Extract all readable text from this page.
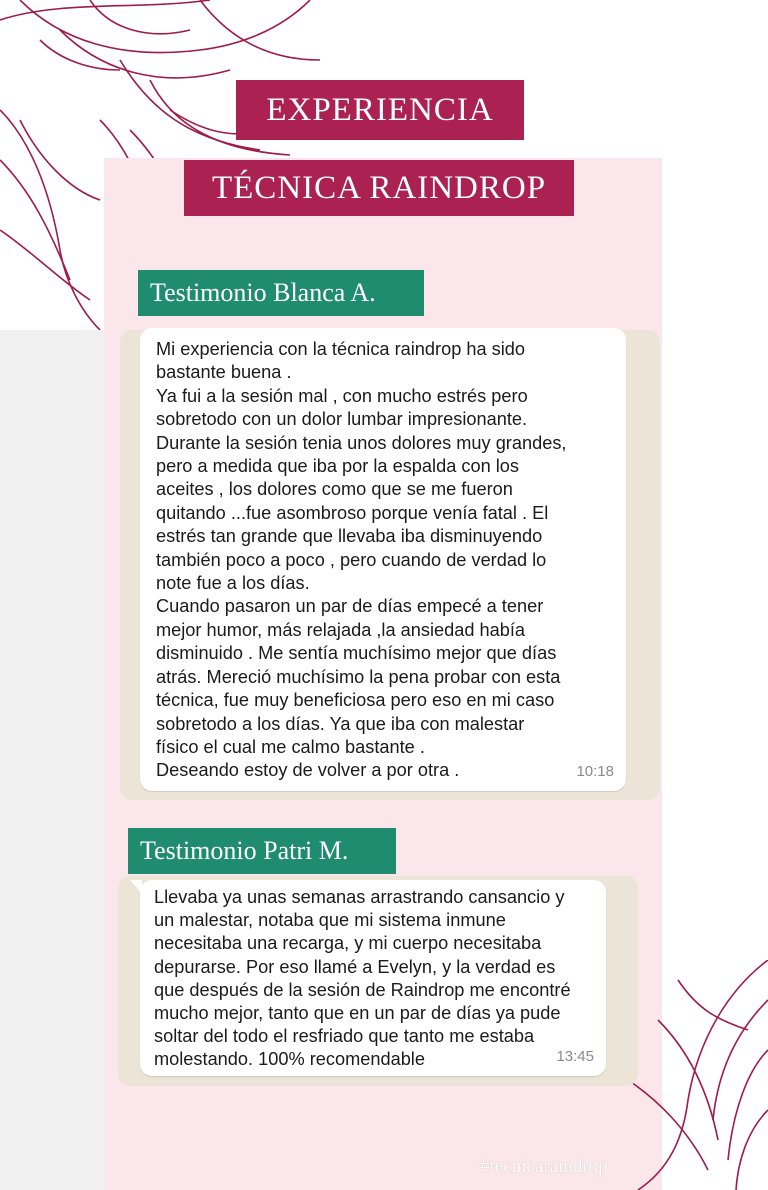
EXPERIENCIA
TÉCNICA RAINDROP
Testimonio Blanca A.

Mi experiencia con la técnica raindrop ha sido
bastante buena .
Ya fui a la sesión mal , con mucho estrés pero
sobretodo con un dolor lumbar impresionante.
Durante la sesión tenia unos dolores muy grandes,
pero a medida que iba por la espalda con los
aceites , los dolores como que se me fueron
quitando ...fue asombroso porque venía fatal . El
estrés tan grande que llevaba iba disminuyendo
también poco a poco , pero cuando de verdad lo
note fue a los días.
Cuando pasaron un par de días empecé a tener
mejor humor, más relajada ,la ansiedad había
disminuido . Me sentía muchísimo mejor que días
atrás. Mereció muchísimo la pena probar con esta
técnica, fue muy beneficiosa pero eso en mi caso
sobretodo a los días. Ya que iba con malestar
físico el cual me calmo bastante .
Deseando estoy de volver a por otra .	10:18
Testimonio Patri M.

Llevaba ya unas semanas arrastrando cansancio y
un malestar, notaba que mi sistema inmune
necesitaba una recarga, y mi cuerpo necesitaba
depurarse. Por eso llamé a Evelyn, y la verdad es
que después de la sesión de Raindrop me encontré
mucho mejor, tanto que en un par de días ya pude
soltar del todo el resfriado que tanto me estaba
molestando. 100% recomendable	13:45
#tecnicaraindrop
